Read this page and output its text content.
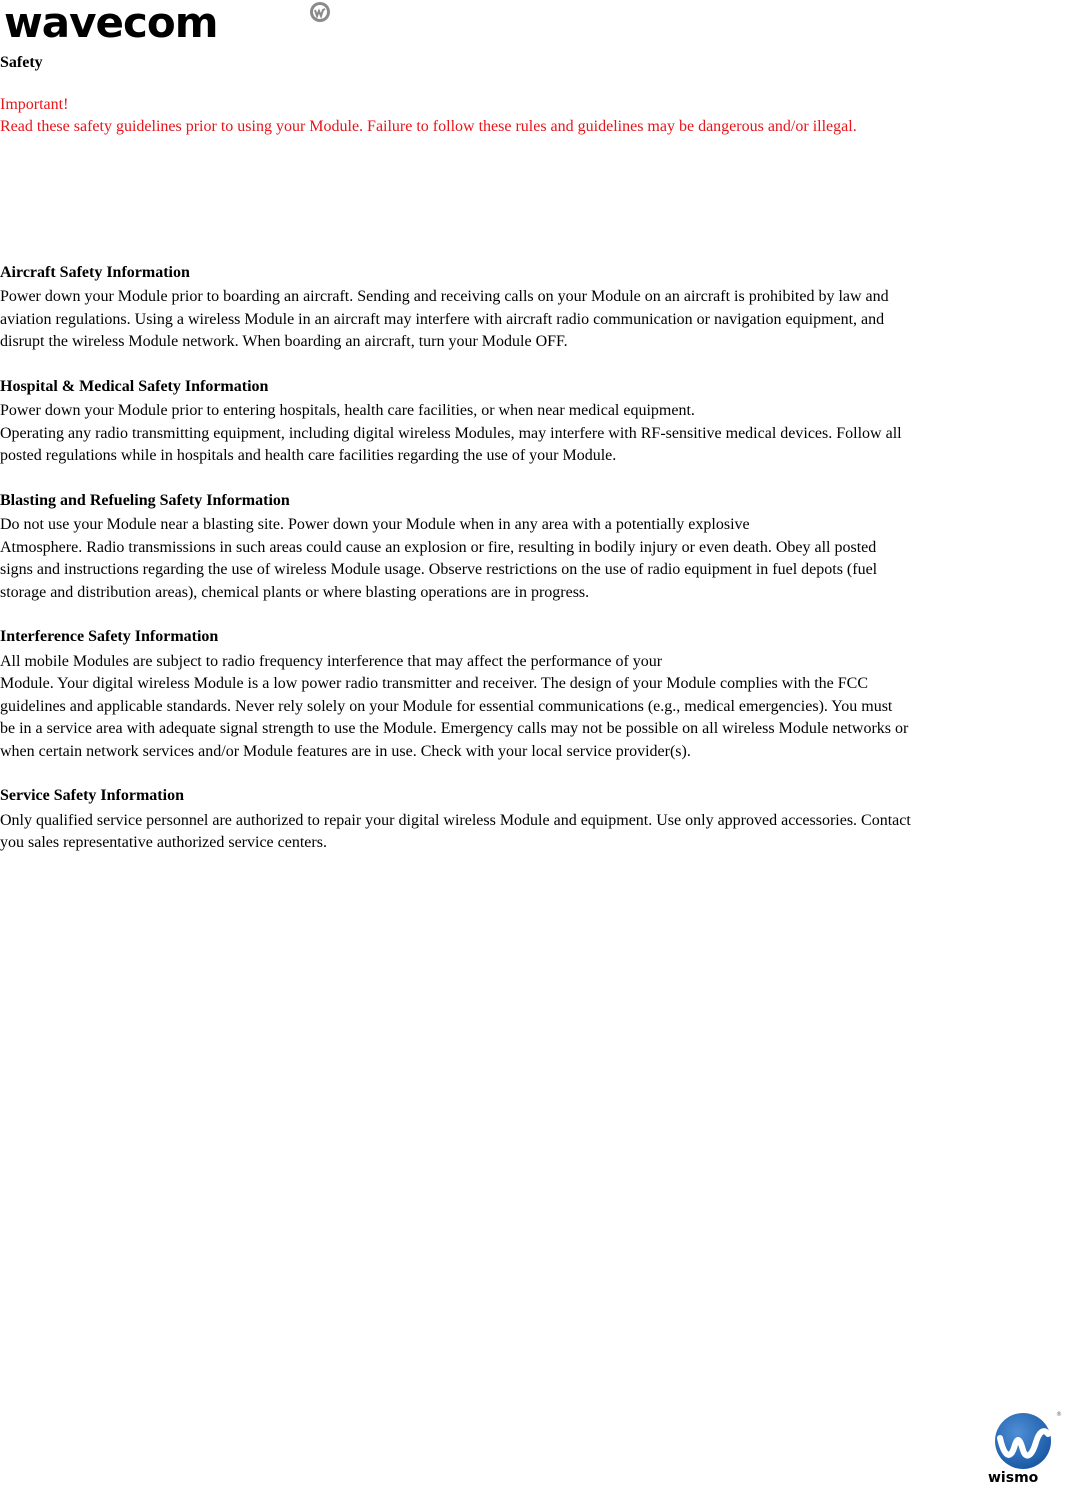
wavecom
Safety
Important!
Read these safety guidelines prior to using your Module. Failure to follow these rules and guidelines may be dangerous and/or illegal.
Aircraft Safety Information
Power down your Module prior to boarding an aircraft. Sending and receiving calls on your Module on an aircraft is prohibited by law and
aviation regulations. Using a wireless Module in an aircraft may interfere with aircraft radio communication or navigation equipment, and
disrupt the wireless Module network. When boarding an aircraft, turn your Module OFF.
Hospital & Medical Safety Information
Power down your Module prior to entering hospitals, health care facilities, or when near medical equipment.
Operating any radio transmitting equipment, including digital wireless Modules, may interfere with RF-sensitive medical devices. Follow all
posted regulations while in hospitals and health care facilities regarding the use of your Module.
Blasting and Refueling Safety Information
Do not use your Module near a blasting site. Power down your Module when in any area with a potentially explosive
Atmosphere. Radio transmissions in such areas could cause an explosion or fire, resulting in bodily injury or even death. Obey all posted
signs and instructions regarding the use of wireless Module usage. Observe restrictions on the use of radio equipment in fuel depots (fuel
storage and distribution areas), chemical plants or where blasting operations are in progress.
Interference Safety Information
All mobile Modules are subject to radio frequency interference that may affect the performance of your
Module. Your digital wireless Module is a low power radio transmitter and receiver. The design of your Module complies with the FCC
guidelines and applicable standards. Never rely solely on your Module for essential communications (e.g., medical emergencies). You must
be in a service area with adequate signal strength to use the Module. Emergency calls may not be possible on all wireless Module networks or
when certain network services and/or Module features are in use. Check with your local service provider(s).
Service Safety Information
Only qualified service personnel are authorized to repair your digital wireless Module and equipment. Use only approved accessories. Contact
you sales representative authorized service centers.
®
wismo
